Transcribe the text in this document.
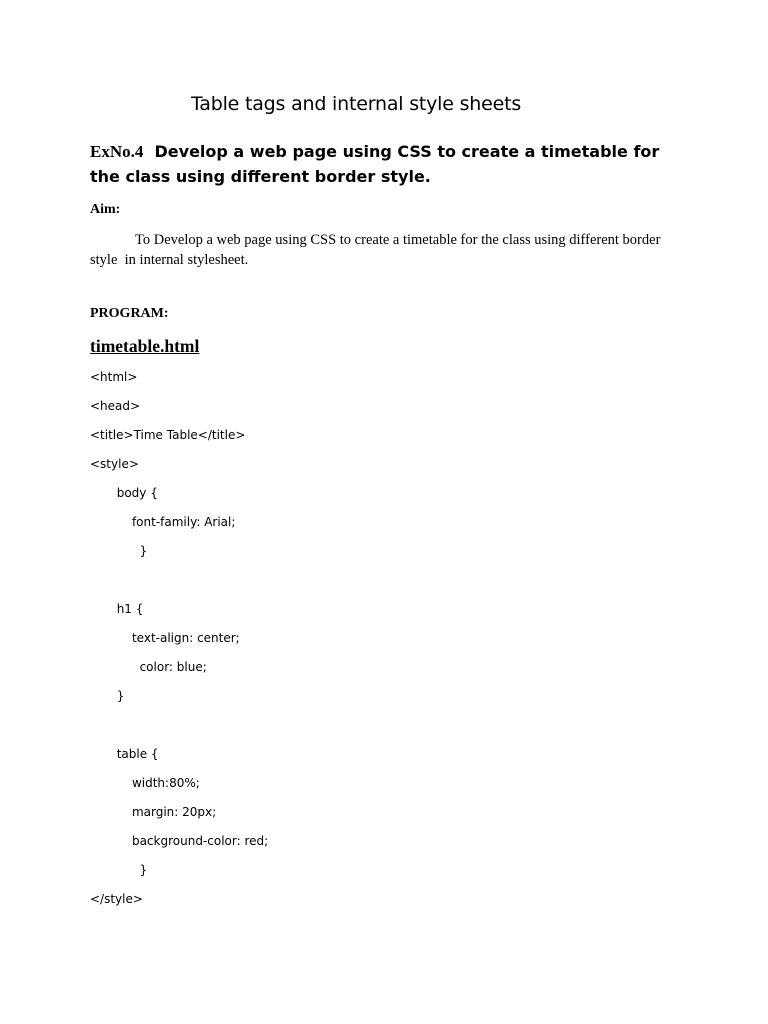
Table tags and internal style sheets

ExNo.4 Develop a web page using CSS to create a timetable for the class using different border style.

Aim:

To Develop a web page using CSS to create a timetable for the class using different border  style  in internal stylesheet.

PROGRAM:

timetable.html

<html>
<head>
<title>Time Table</title>
<style>
body {
font-family: Arial;
}
h1 {
text-align: center;
color: blue;
}
table {
width:80%;
margin: 20px;
background-color: red;
}
</style>
